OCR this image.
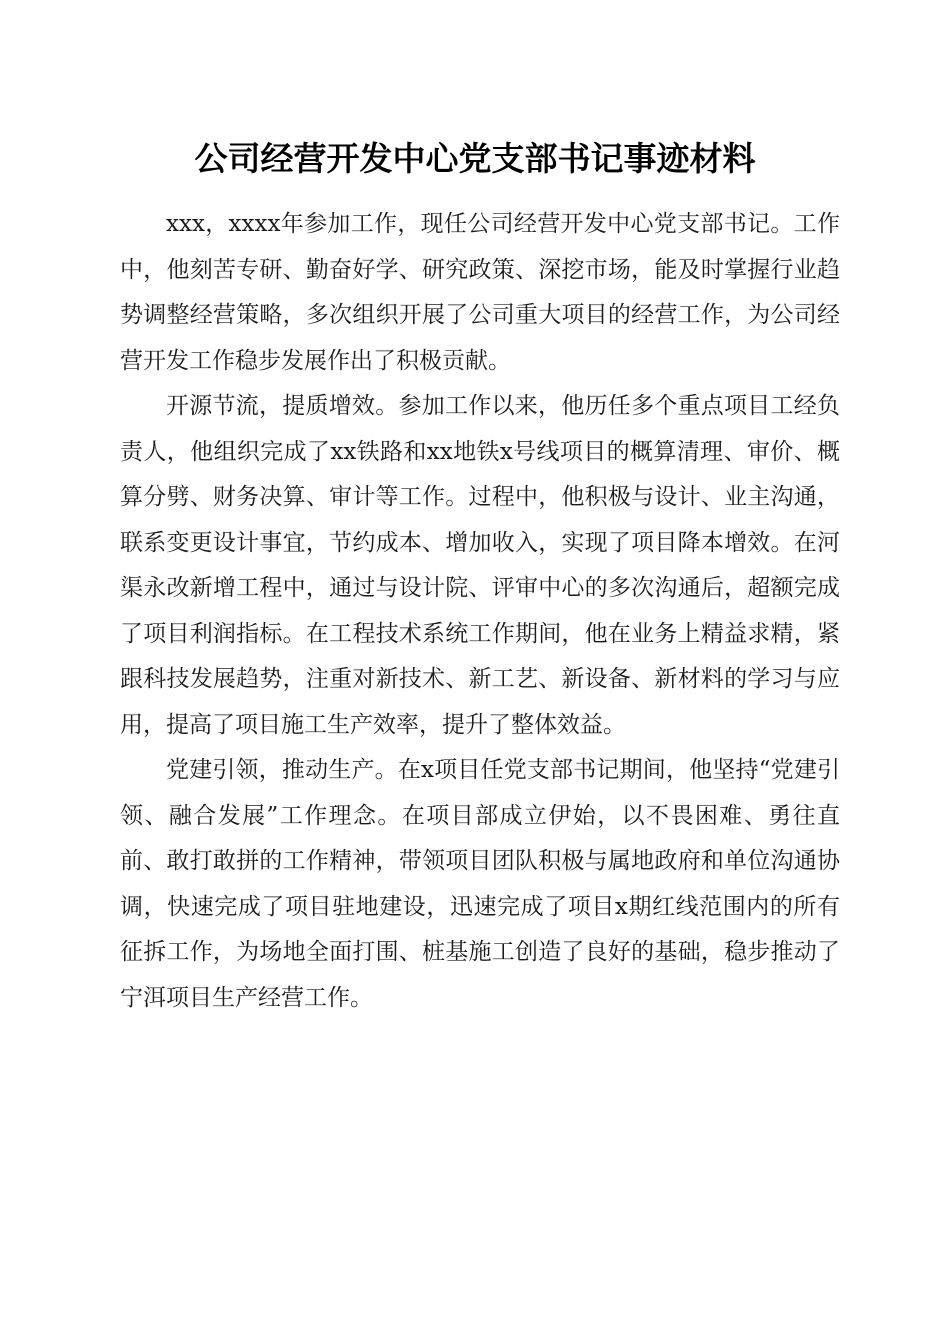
公司经营开发中心党支部书记事迹材料

xxx，xxxx年参加工作，现任公司经营开发中心党支部书记。工作中，他刻苦专研、勤奋好学、研究政策、深挖市场，能及时掌握行业趋势调整经营策略，多次组织开展了公司重大项目的经营工作，为公司经营开发工作稳步发展作出了积极贡献。

开源节流，提质增效。参加工作以来，他历任多个重点项目工经负责人，他组织完成了xx铁路和xx地铁x号线项目的概算清理、审价、概算分劈、财务决算、审计等工作。过程中，他积极与设计、业主沟通，联系变更设计事宜，节约成本、增加收入，实现了项目降本增效。在河渠永改新增工程中，通过与设计院、评审中心的多次沟通后，超额完成了项目利润指标。在工程技术系统工作期间，他在业务上精益求精，紧跟科技发展趋势，注重对新技术、新工艺、新设备、新材料的学习与应用，提高了项目施工生产效率，提升了整体效益。

党建引领，推动生产。在x项目任党支部书记期间，他坚持“党建引领、融合发展”工作理念。在项目部成立伊始，以不畏困难、勇往直前、敢打敢拼的工作精神，带领项目团队积极与属地政府和单位沟通协调，快速完成了项目驻地建设，迅速完成了项目x期红线范围内的所有征拆工作，为场地全面打围、桩基施工创造了良好的基础，稳步推动了宁洱项目生产经营工作。
